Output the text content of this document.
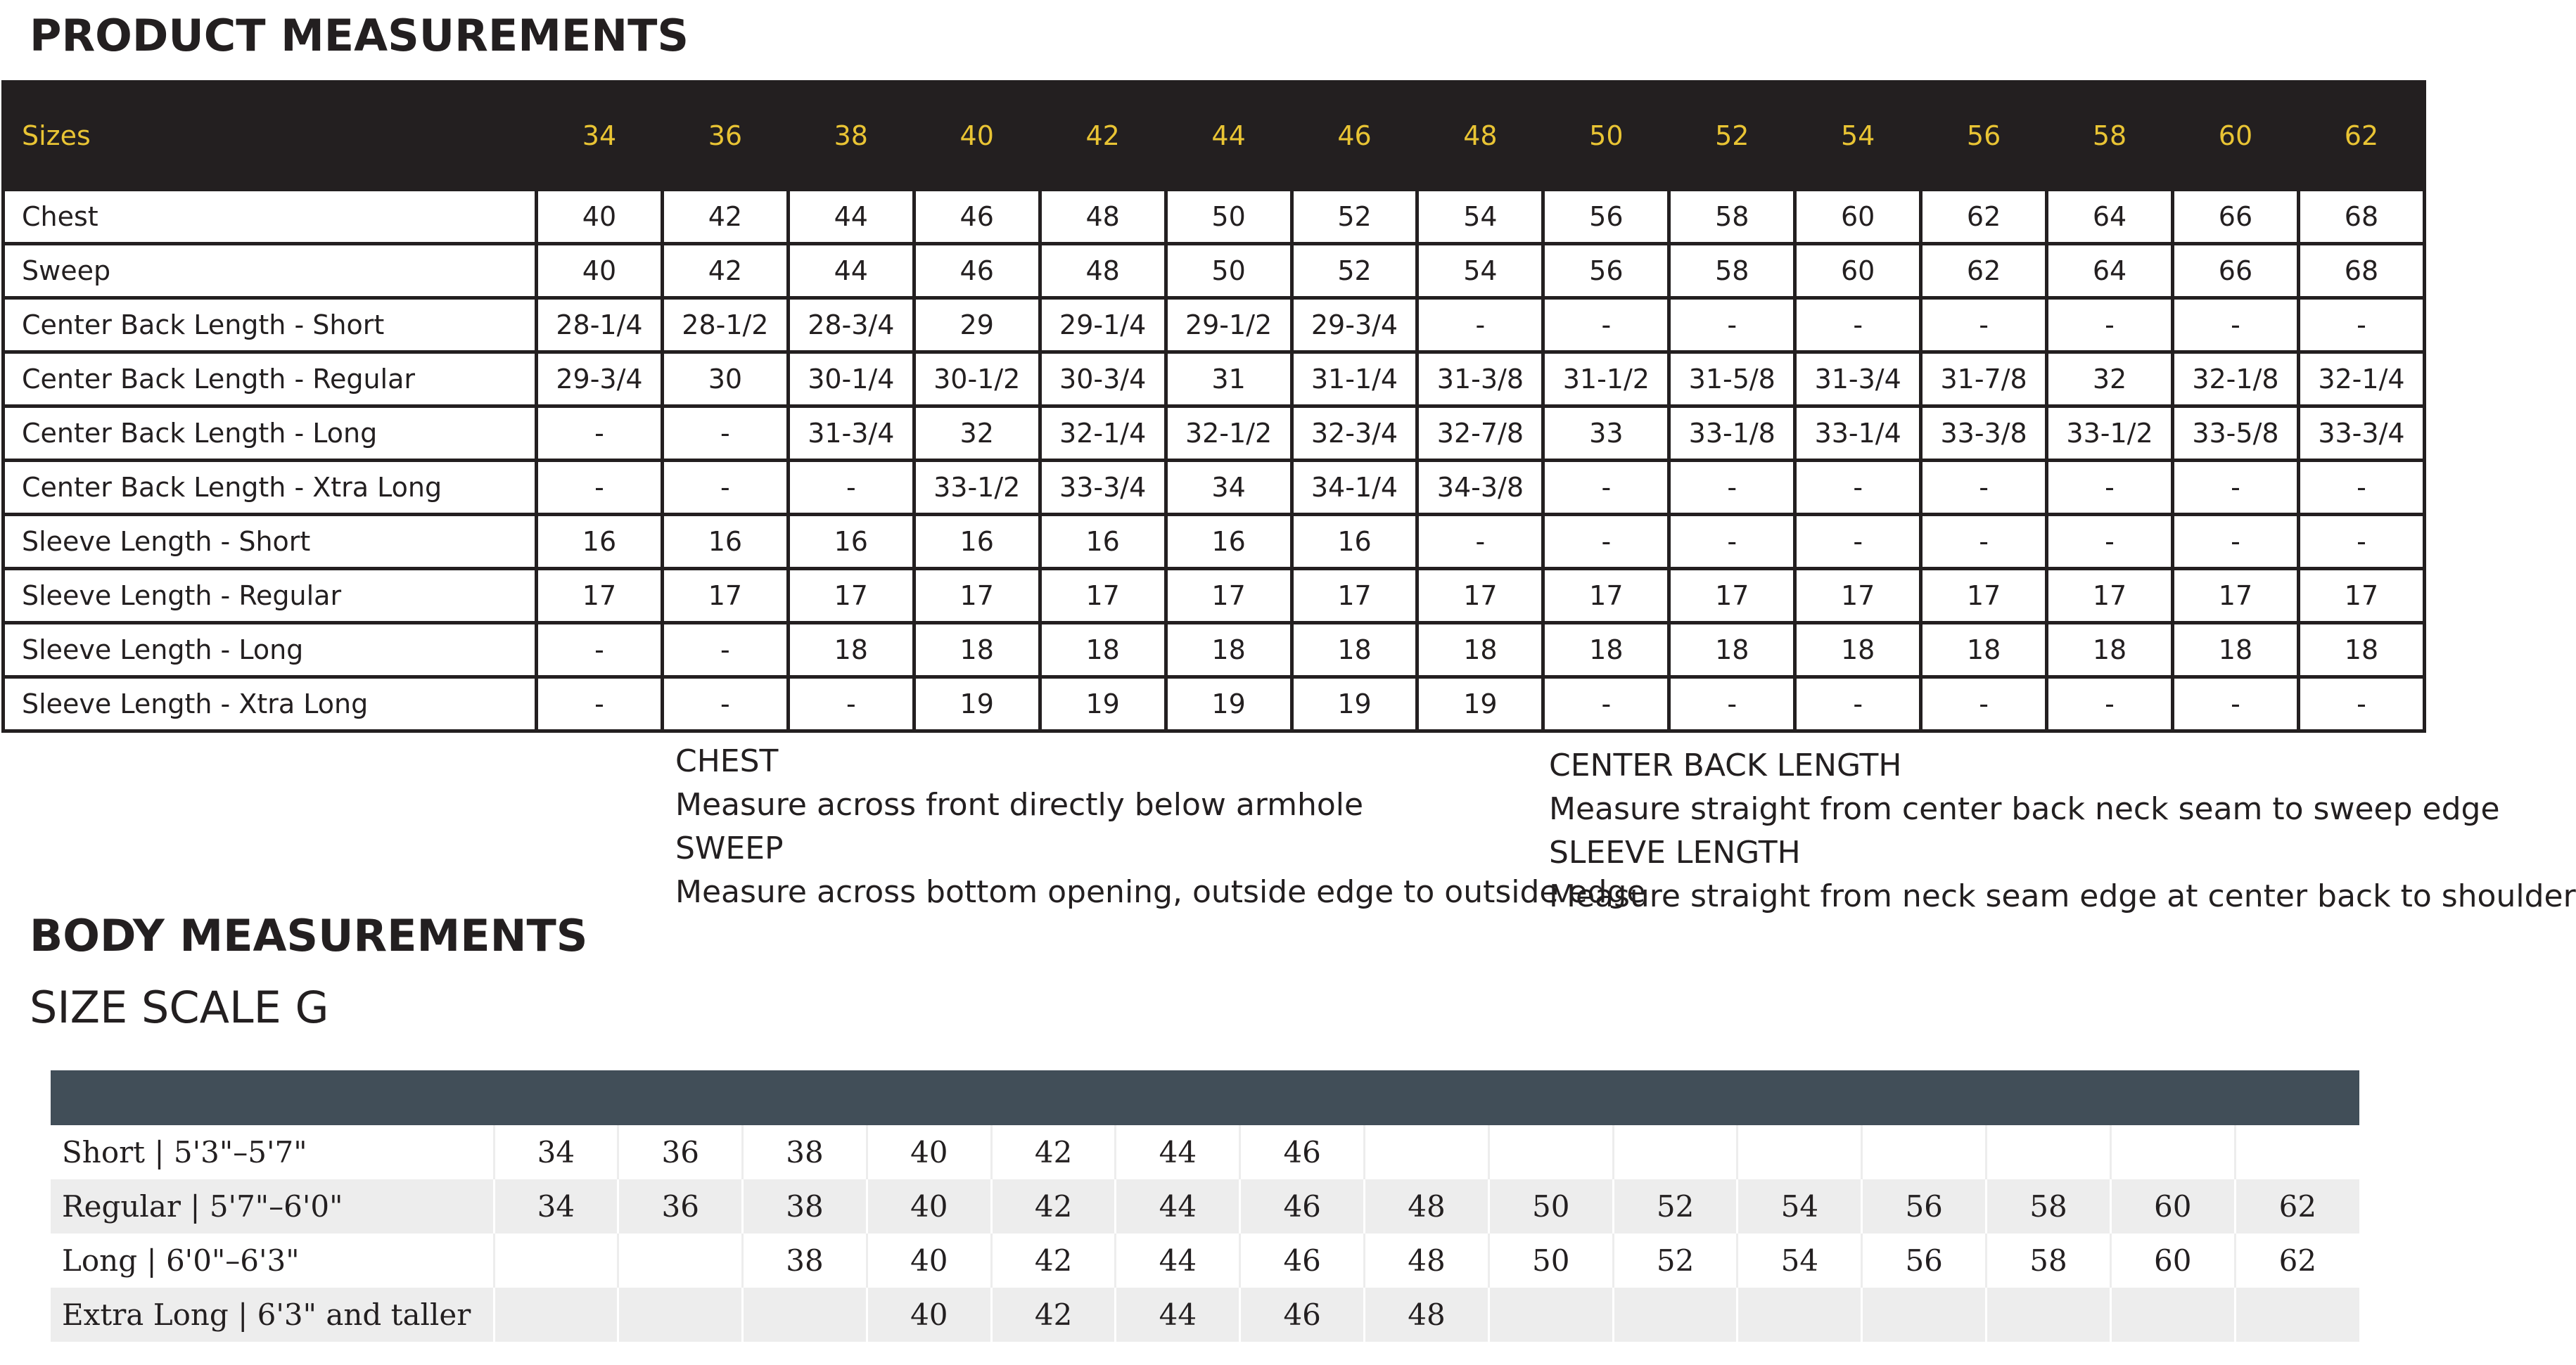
PRODUCT MEASUREMENTS
Sizes	34	36	38	40	42	44	46	48	50	52	54	56	58	60	62
Chest	40	42	44	46	48	50	52	54	56	58	60	62	64	66	68
Sweep	40	42	44	46	48	50	52	54	56	58	60	62	64	66	68
Center Back Length - Short	28-1/4	28-1/2	28-3/4	29	29-1/4	29-1/2	29-3/4	-	-	-	-	-	-	-	-
Center Back Length - Regular	29-3/4	30	30-1/4	30-1/2	30-3/4	31	31-1/4	31-3/8	31-1/2	31-5/8	31-3/4	31-7/8	32	32-1/8	32-1/4
Center Back Length - Long	-	-	31-3/4	32	32-1/4	32-1/2	32-3/4	32-7/8	33	33-1/8	33-1/4	33-3/8	33-1/2	33-5/8	33-3/4
Center Back Length - Xtra Long	-	-	-	33-1/2	33-3/4	34	34-1/4	34-3/8	-	-	-	-	-	-	-
Sleeve Length - Short	16	16	16	16	16	16	16	-	-	-	-	-	-	-	-
Sleeve Length - Regular	17	17	17	17	17	17	17	17	17	17	17	17	17	17	17
Sleeve Length - Long	-	-	18	18	18	18	18	18	18	18	18	18	18	18	18
Sleeve Length - Xtra Long	-	-	-	19	19	19	19	19	-	-	-	-	-	-	-
CHEST
Measure across front directly below armhole
SWEEP
Measure across bottom opening, outside edge to outside edge
CENTER BACK LENGTH
Measure straight from center back neck seam to sweep edge
SLEEVE LENGTH
Measure straight from neck seam edge at center back to shoulder
BODY MEASUREMENTS
SIZE SCALE G

Short | 5'3"–5'7"	34	36	38	40	42	44	46								
Regular | 5'7"–6'0"	34	36	38	40	42	44	46	48	50	52	54	56	58	60	62
Long | 6'0"–6'3"			38	40	42	44	46	48	50	52	54	56	58	60	62
Extra Long | 6'3" and taller				40	42	44	46	48							
